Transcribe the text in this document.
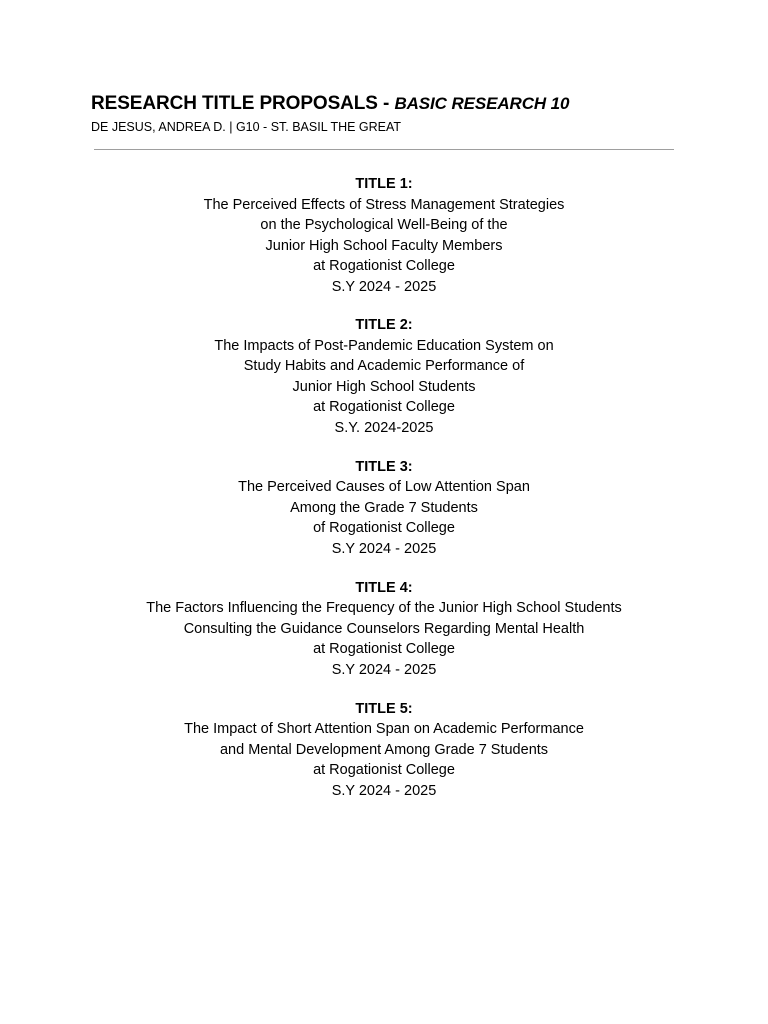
RESEARCH TITLE PROPOSALS - BASIC RESEARCH 10
DE JESUS, ANDREA D. | G10 - ST. BASIL THE GREAT
TITLE 1:
The Perceived Effects of Stress Management Strategies
on the Psychological Well-Being of the
Junior High School Faculty Members
at Rogationist College
S.Y 2024 - 2025
TITLE 2:
The Impacts of Post-Pandemic Education System on
Study Habits and Academic Performance of
Junior High School Students
at Rogationist College
S.Y. 2024-2025
TITLE 3:
The Perceived Causes of Low Attention Span
Among the Grade 7 Students
of Rogationist College
S.Y 2024 - 2025
TITLE 4:
The Factors Influencing the Frequency of the Junior High School Students
Consulting the Guidance Counselors Regarding Mental Health
at Rogationist College
S.Y 2024 - 2025
TITLE 5:
The Impact of Short Attention Span on Academic Performance
and Mental Development Among Grade 7 Students
at Rogationist College
S.Y 2024 - 2025
